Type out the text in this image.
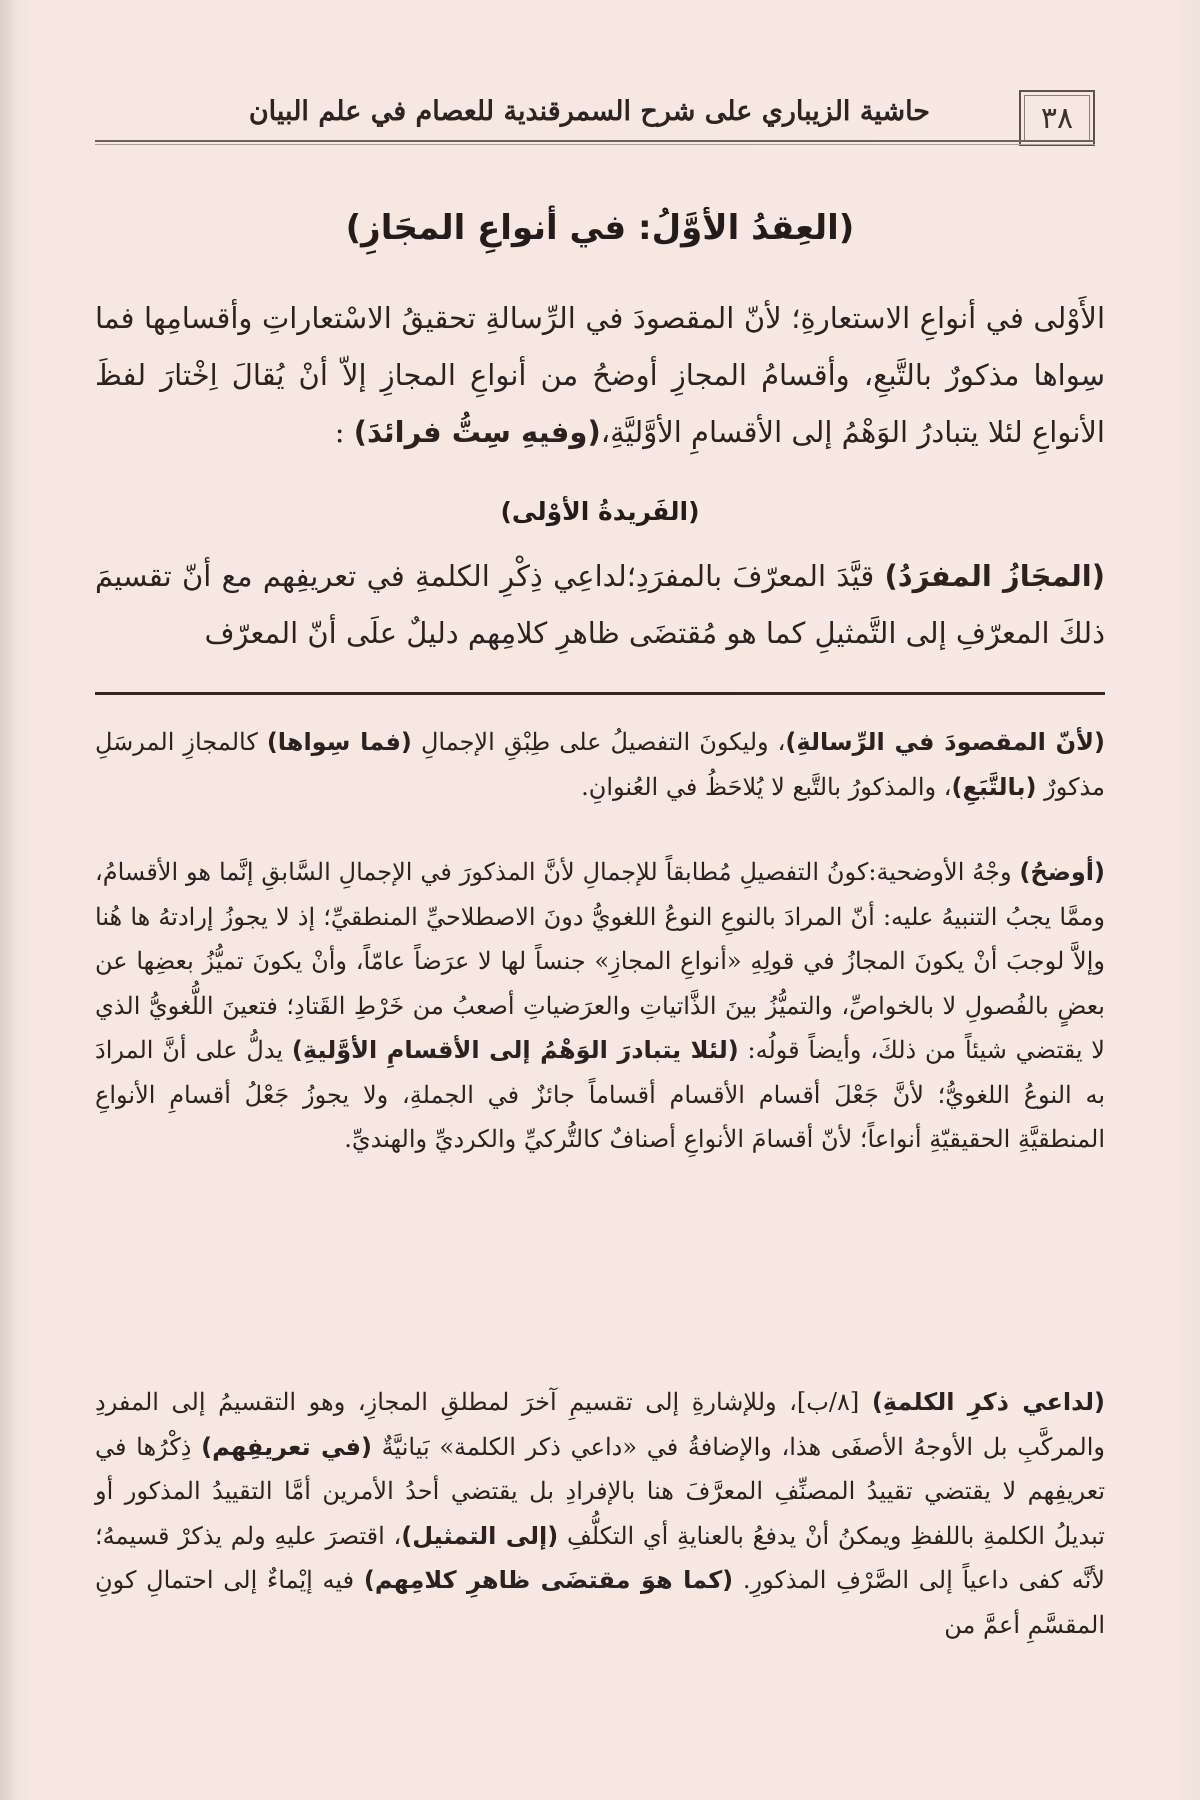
حاشية الزيباري على شرح السمرقندية للعصام في علم البيان	٣٨
(العِقدُ الأوَّلُ: في أنواعِ المجَازِ)
الأَوْلى في أنواعِ الاستعارةِ؛ لأنّ المقصودَ في الرِّسالةِ تحقيقُ الاسْتعاراتِ وأقسامِها فما سِواها مذكورٌ بالتَّبعِ، وأقسامُ المجازِ أوضحُ من أنواعِ المجازِ إلاّ أنْ يُقالَ اِخْتارَ لفظَ الأنواعِ لئلا يتبادرُ الوَهْمُ إلى الأقسامِ الأوَّليَّةِ،(وفيهِ سِتُّ فرائدَ) :
(الفَريدةُ الأوْلى)
(المجَازُ المفرَدُ) قيَّدَ المعرّفَ بالمفرَدِ؛لداعِي ذِكْرِ الكلمةِ في تعريفِهم مع أنّ تقسيمَ ذلكَ المعرّفِ إلى التَّمثيلِ كما هو مُقتضَى ظاهرِ كلامِهم دليلٌ علَى أنّ المعرّف

(لأنّ المقصودَ في الرِّسالةِ)، وليكونَ التفصيلُ على طِبْقِ الإجمالِ (فما سِواها) كالمجازِ المرسَلِ مذكورٌ (بالتَّبَعِ)، والمذكورُ بالتَّبع لا يُلاحَظُ في العُنوانِ.

(أوضحُ) وجْهُ الأوضحية:كونُ التفصيلِ مُطابقاً للإجمالِ لأنَّ المذكورَ في الإجمالِ السَّابقِ إنَّما هو الأقسامُ، وممَّا يجبُ التنبيهُ عليه: أنّ المرادَ بالنوعِ النوعُ اللغويُّ دونَ الاصطلاحيِّ المنطقيِّ؛ إذ لا يجوزُ إرادتهُ ها هُنا وإلاَّ لوجبَ أنْ يكونَ المجازُ في قولِهِ «أنواعِ المجازِ» جنساً لها لا عرَضاً عامّاً، وأنْ يكونَ تميُّزُ بعضِها عن بعضٍ بالفُصولِ لا بالخواصِّ، والتميُّزُ بينَ الذَّاتياتِ والعرَضياتِ أصعبُ من خَرْطِ القَتادِ؛ فتعينَ اللُّغويُّ الذي لا يقتضي شيئاً من ذلكَ، وأيضاً قولُه: (لئلا يتبادرَ الوَهْمُ إلى الأقسامِ الأوَّليةِ) يدلُّ على أنَّ المرادَ به النوعُ اللغويُّ؛ لأنَّ جَعْلَ أقسام الأقسام أقساماً جائزٌ في الجملةِ، ولا يجوزُ جَعْلُ أقسامِ الأنواعِ المنطقيَّةِ الحقيقيّةِ أنواعاً؛ لأنّ أقسامَ الأنواعِ أصنافٌ كالتُّركيِّ والكرديِّ والهنديِّ.

(لداعي ذكرِ الكلمةِ) [٨/ب]، وللإشارةِ إلى تقسيمِ آخرَ لمطلقِ المجازِ، وهو التقسيمُ إلى المفردِ والمركَّبِ بل الأوجهُ الأصفَى هذا، والإضافةُ في «داعي ذكر الكلمة» بَيانيَّةٌ (في تعريفِهم) ذِكْرُها في تعريفِهم لا يقتضي تقييدُ المصنِّفِ المعرَّفَ هنا بالإفرادِ بل يقتضي أحدُ الأمرين أمَّا التقييدُ المذكور أو تبديلُ الكلمةِ باللفظِ ويمكنُ أنْ يدفعُ بالعنايةِ أي التكلُّفِ (إلى التمثيل)، اقتصرَ عليهِ ولم يذكرْ قسيمهُ؛ لأنَّه كفى داعياً إلى الصَّرْفِ المذكورِ. (كما هوَ مقتضَى ظاهرِ كلامِهم) فيه إيْماءٌ إلى احتمالِ كونِ المقسَّمِ أعمَّ من
